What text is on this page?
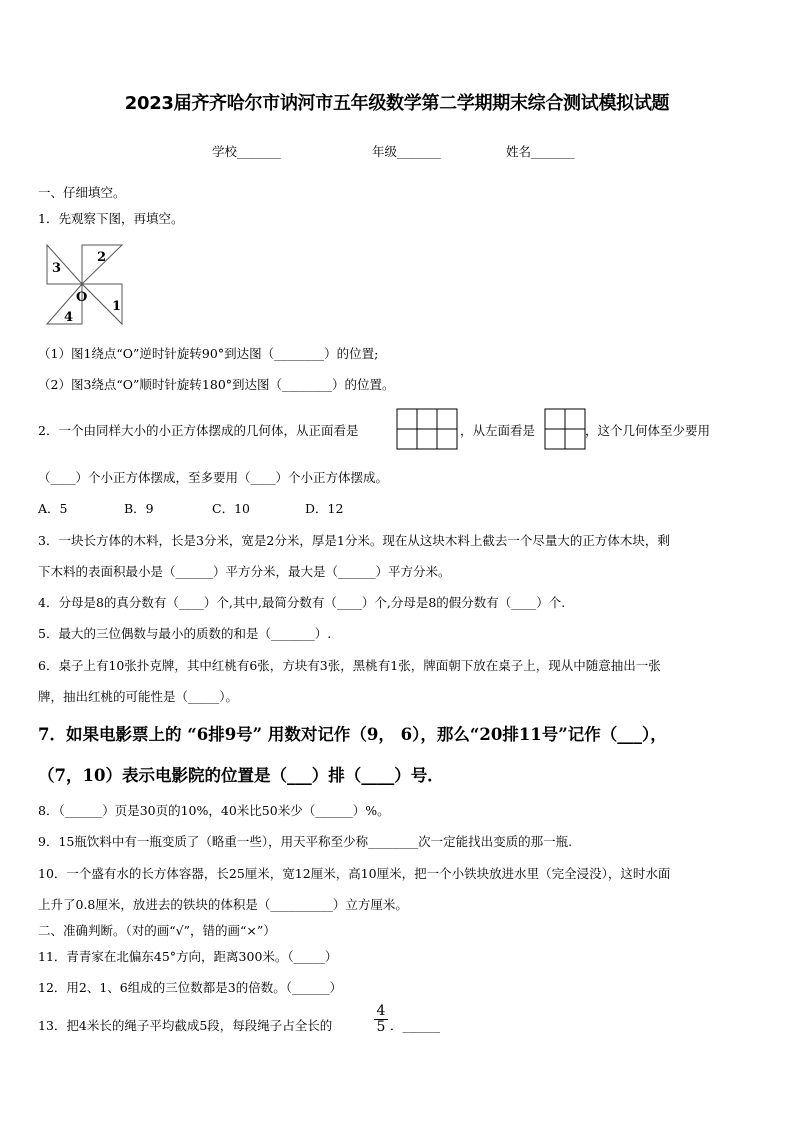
2023届齐齐哈尔市讷河市五年级数学第二学期期末综合测试模拟试题
学校_______	年级_______	姓名_______
一、仔细填空。
1．先观察下图，再填空。
3
2
O
1
4
（1）图1绕点“O”逆时针旋转90°到达图（________）的位置;
（2）图3绕点“O”顺时针旋转180°到达图（________）的位置。
2．一个由同样大小的小正方体摆成的几何体，从正面看是	，从左面看是	，这个几何体至少要用
（____）个小正方体摆成，至多要用（____）个小正方体摆成。
A．5	B．9	C．10	D．12
3．一块长方体的木料，长是3分米，宽是2分米，厚是1分米。现在从这块木料上截去一个尽量大的正方体木块，剩
下木料的表面积最小是（______）平方分米，最大是（______）平方分米。
4．分母是8的真分数有（____）个,其中,最简分数有（____）个,分母是8的假分数有（____）个.
5．最大的三位偶数与最小的质数的和是（_______）.
6．桌子上有10张扑克牌，其中红桃有6张，方块有3张，黑桃有1张，牌面朝下放在桌子上，现从中随意抽出一张
牌，抽出红桃的可能性是（_____）。
7．如果电影票上的 “6排9号” 用数对记作（9， 6），那么“20排11号”记作（___），
（7，10）表示电影院的位置是（___）排（____）号．
8．（______）页是30页的10%，40米比50米少（______）%。
9．15瓶饮料中有一瓶变质了（略重一些），用天平称至少称________次一定能找出变质的那一瓶.
10．一个盛有水的长方体容器，长25厘米，宽12厘米，高10厘米，把一个小铁块放进水里（完全浸没），这时水面
上升了0.8厘米，放进去的铁块的体积是（__________）立方厘米。
二、准确判断。（对的画“√”，错的画“×”）
11．青青家在北偏东45°方向，距离300米。（_____）
12．用2、1、6组成的三位数都是3的倍数。（______）
13．把4米长的绳子平均截成5段，每段绳子占全长的
4
5 ．______
